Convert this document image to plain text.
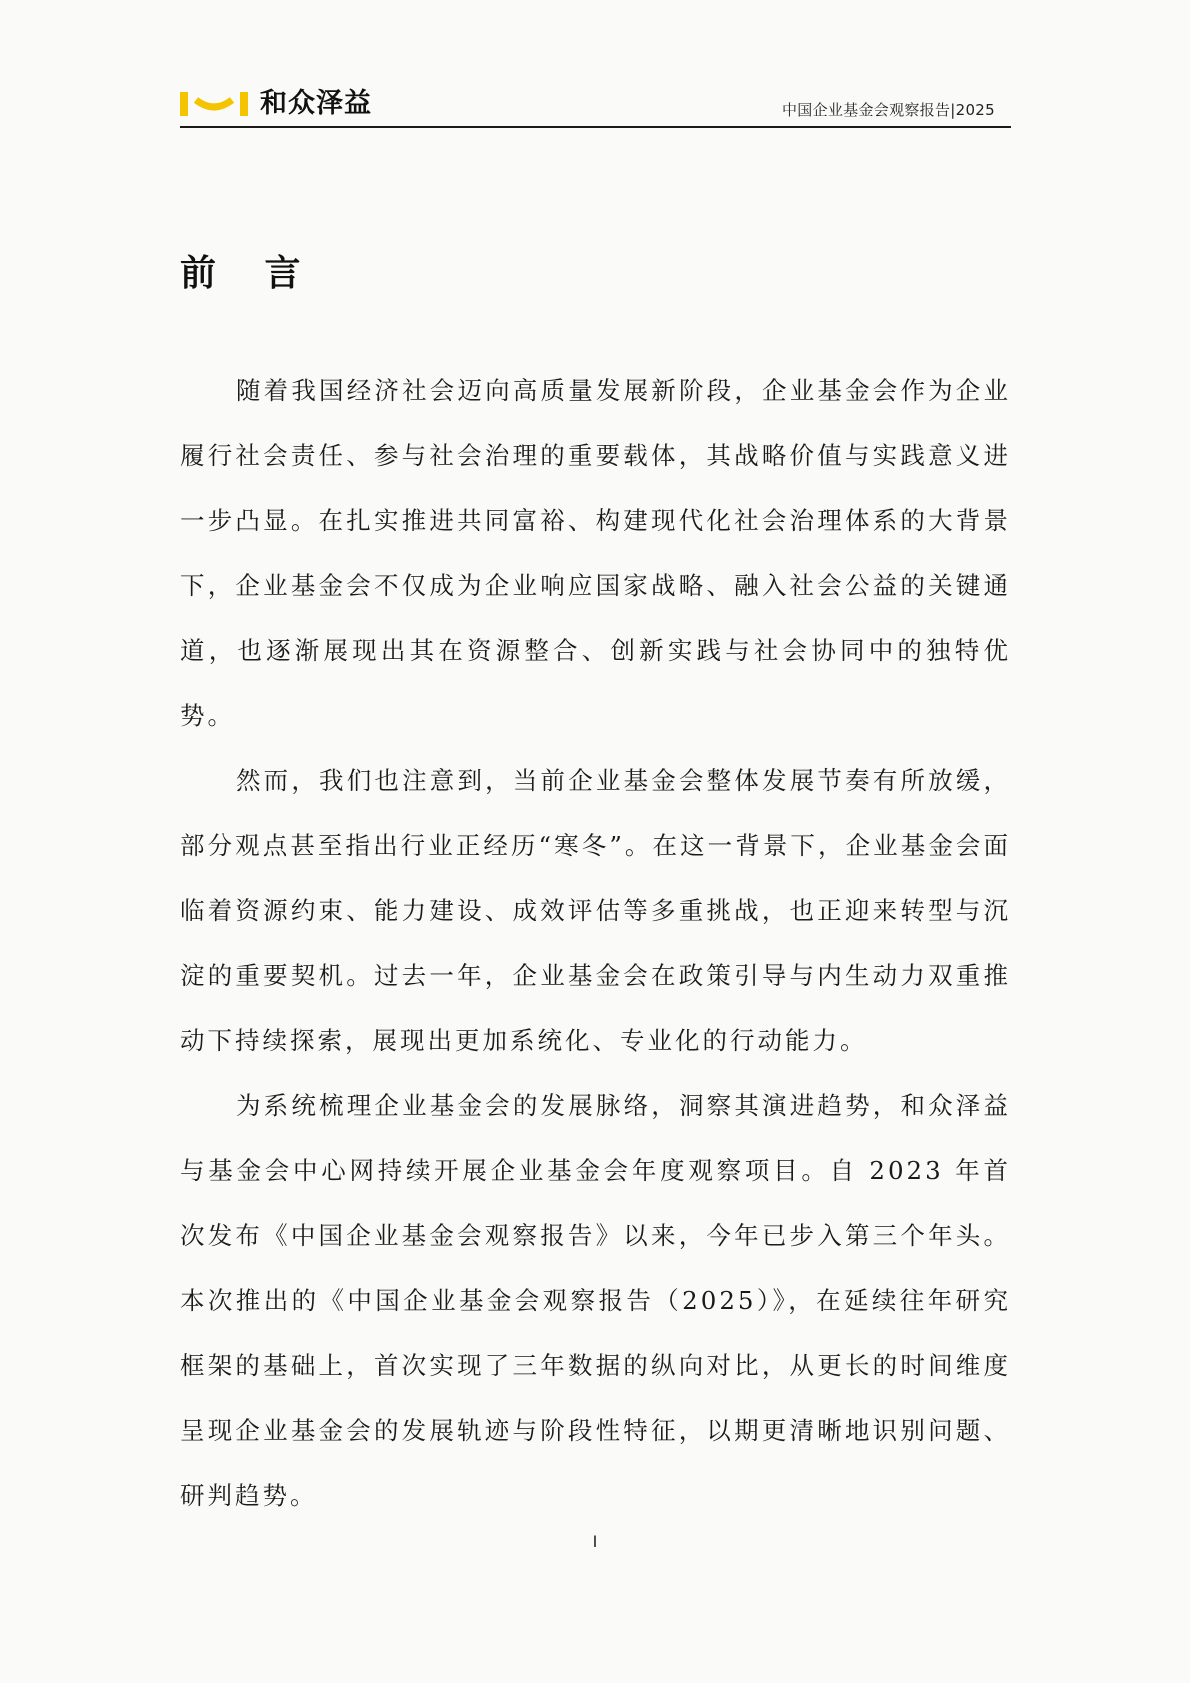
和众泽益	中国企业基金会观察报告|2025
前 言

随着我国经济社会迈向高质量发展新阶段，企业基金会作为企业履行社会责任、参与社会治理的重要载体，其战略价值与实践意义进一步凸显。在扎实推进共同富裕、构建现代化社会治理体系的大背景下，企业基金会不仅成为企业响应国家战略、融入社会公益的关键通道，也逐渐展现出其在资源整合、创新实践与社会协同中的独特优势。

然而，我们也注意到，当前企业基金会整体发展节奏有所放缓，部分观点甚至指出行业正经历“寒冬”。在这一背景下，企业基金会面临着资源约束、能力建设、成效评估等多重挑战，也正迎来转型与沉淀的重要契机。过去一年，企业基金会在政策引导与内生动力双重推动下持续探索，展现出更加系统化、专业化的行动能力。

为系统梳理企业基金会的发展脉络，洞察其演进趋势，和众泽益与基金会中心网持续开展企业基金会年度观察项目。自 2023 年首次发布《中国企业基金会观察报告》以来，今年已步入第三个年头。本次推出的《中国企业基金会观察报告（2025）》，在延续往年研究框架的基础上，首次实现了三年数据的纵向对比，从更长的时间维度呈现企业基金会的发展轨迹与阶段性特征，以期更清晰地识别问题、研判趋势。

I
